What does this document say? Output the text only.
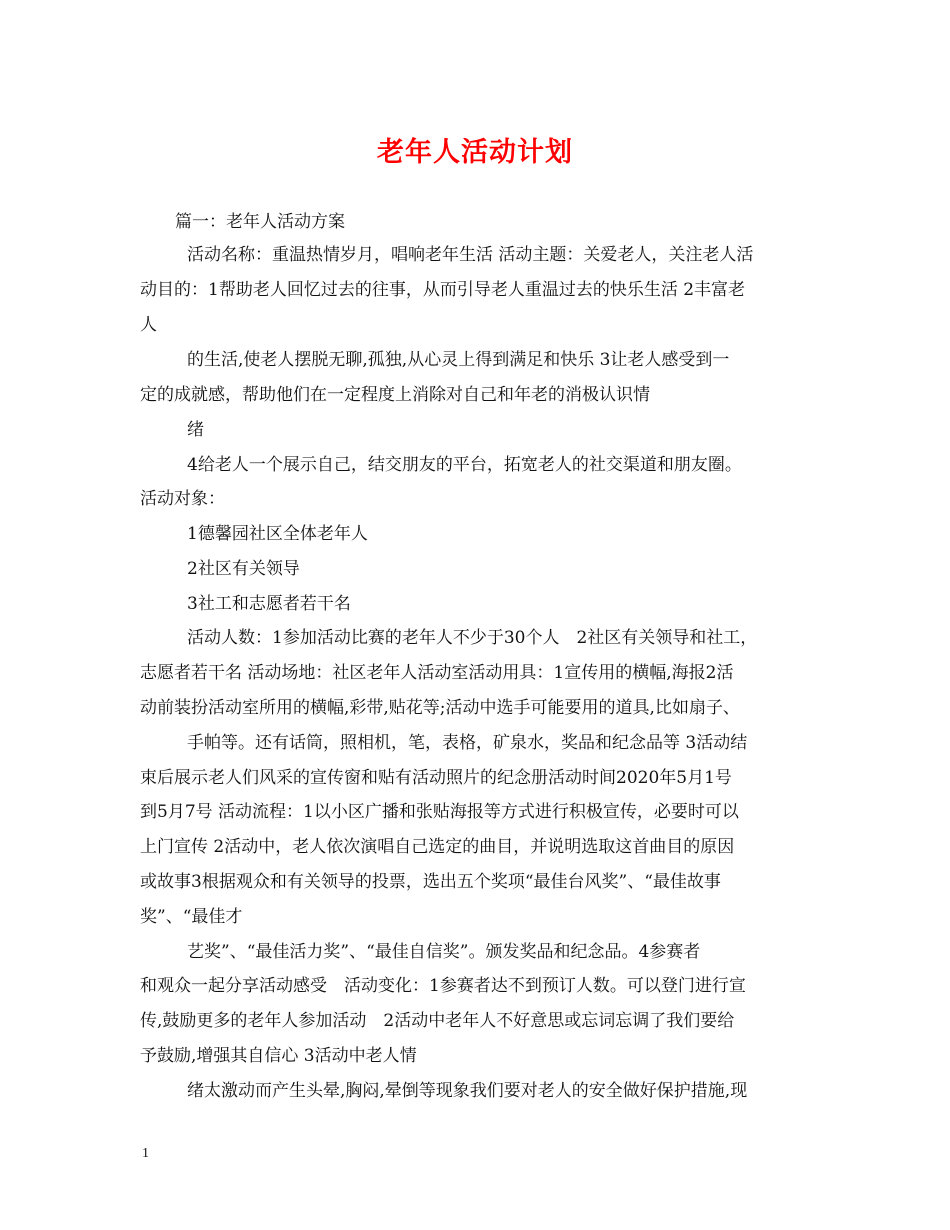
老年人活动计划
篇一：老年人活动方案
活动名称：重温热情岁月，唱响老年生活 活动主题：关爱老人，关注老人活
动目的：1帮助老人回忆过去的往事，从而引导老人重温过去的快乐生活 2丰富老
人
的生活,使老人摆脱无聊,孤独,从心灵上得到满足和快乐 3让老人感受到一
定的成就感，帮助他们在一定程度上消除对自己和年老的消极认识情
绪
4给老人一个展示自己，结交朋友的平台，拓宽老人的社交渠道和朋友圈。
活动对象：
1德馨园社区全体老年人
2社区有关领导
3社工和志愿者若干名
活动人数：1参加活动比赛的老年人不少于30个人　2社区有关领导和社工，
志愿者若干名 活动场地：社区老年人活动室活动用具：1宣传用的横幅,海报2活
动前装扮活动室所用的横幅,彩带,贴花等;活动中选手可能要用的道具,比如扇子、
手帕等。还有话筒，照相机，笔，表格，矿泉水，奖品和纪念品等 3活动结
束后展示老人们风采的宣传窗和贴有活动照片的纪念册活动时间2020年5月1号
到5月7号 活动流程：1以小区广播和张贴海报等方式进行积极宣传，必要时可以
上门宣传 2活动中，老人依次演唱自己选定的曲目，并说明选取这首曲目的原因
或故事3根据观众和有关领导的投票，选出五个奖项“最佳台风奖”、“最佳故事
奖”、“最佳才
艺奖”、“最佳活力奖”、“最佳自信奖”。颁发奖品和纪念品。4参赛者
和观众一起分享活动感受　活动变化：1参赛者达不到预订人数。可以登门进行宣
传,鼓励更多的老年人参加活动　2活动中老年人不好意思或忘词忘调了我们要给
予鼓励,增强其自信心 3活动中老人情
绪太激动而产生头晕,胸闷,晕倒等现象我们要对老人的安全做好保护措施,现
1
